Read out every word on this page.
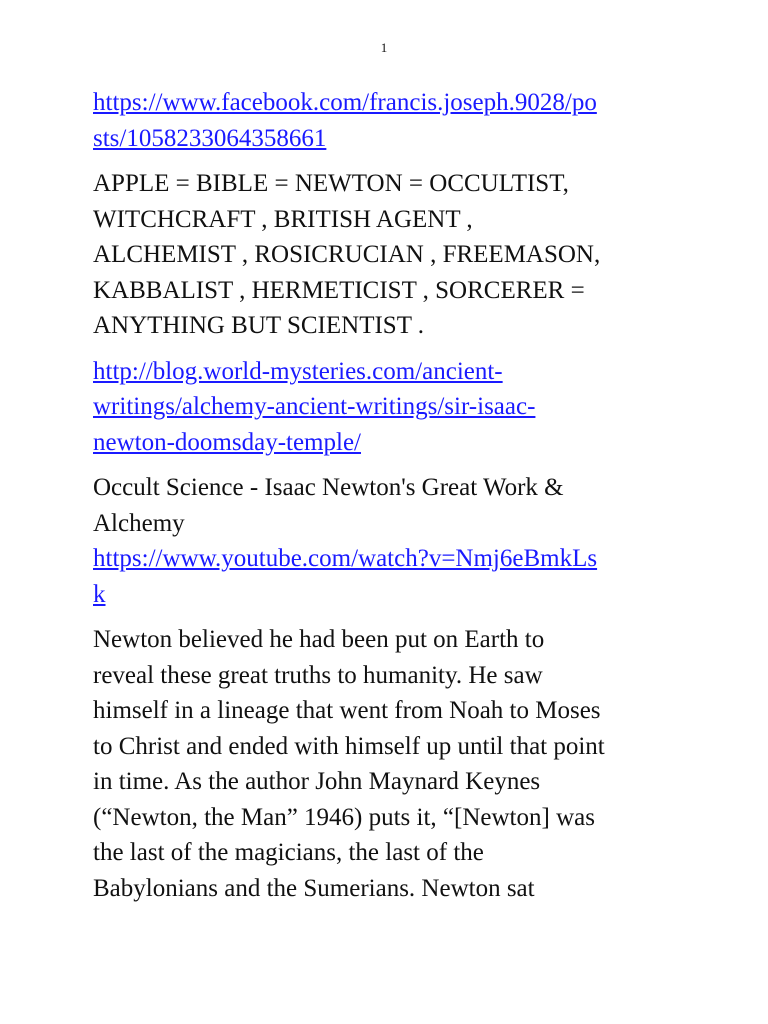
1

https://www.facebook.com/francis.joseph.9028/po
sts/1058233064358661

APPLE = BIBLE = NEWTON = OCCULTIST,
WITCHCRAFT , BRITISH AGENT ,
ALCHEMIST , ROSICRUCIAN , FREEMASON,
KABBALIST , HERMETICIST , SORCERER =
ANYTHING BUT SCIENTIST .

http://blog.world-mysteries.com/ancient-
writings/alchemy-ancient-writings/sir-isaac-
newton-doomsday-temple/

Occult Science - Isaac Newton's Great Work &
Alchemy
https://www.youtube.com/watch?v=Nmj6eBmkLs
k

Newton believed he had been put on Earth to
reveal these great truths to humanity. He saw
himself in a lineage that went from Noah to Moses
to Christ and ended with himself up until that point
in time. As the author John Maynard Keynes
(“Newton, the Man” 1946) puts it, “[Newton] was
the last of the magicians, the last of the
Babylonians and the Sumerians. Newton sat
